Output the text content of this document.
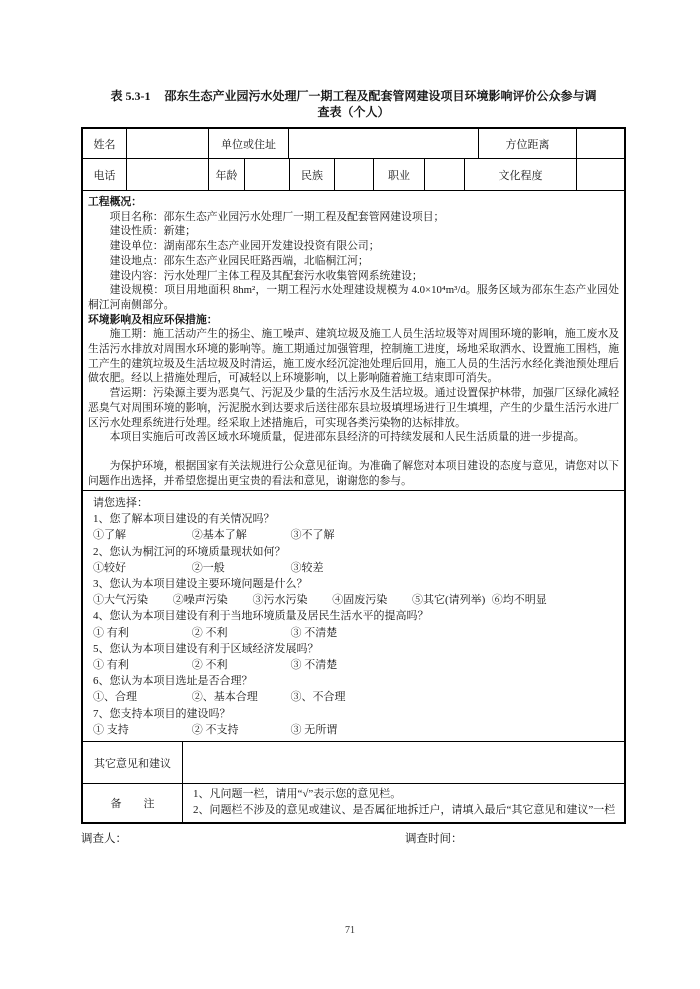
表 5.3-1 邵东生态产业园污水处理厂一期工程及配套管网建设项目环境影响评价公众参与调
查表（个人）
姓名	单位或住址	方位距离
电话	年龄	民族	职业	文化程度
工程概况：
项目名称：邵东生态产业园污水处理厂一期工程及配套管网建设项目；
建设性质：新建；
建设单位：湖南邵东生态产业园开发建设投资有限公司；
建设地点：邵东生态产业园民旺路西端，北临桐江河；
建设内容：污水处理厂主体工程及其配套污水收集管网系统建设；
建设规模：项目用地面积 8hm²，一期工程污水处理建设规模为 4.0×10⁴m³/d。服务区域为邵东生态产业园处桐江河南侧部分。
环境影响及相应环保措施：
施工期：施工活动产生的扬尘、施工噪声、建筑垃圾及施工人员生活垃圾等对周围环境的影响，施工废水及生活污水排放对周围水环境的影响等。施工期通过加强管理，控制施工进度，场地采取洒水、设置施工围档，施工产生的建筑垃圾及生活垃圾及时清运，施工废水经沉淀池处理后回用，施工人员的生活污水经化粪池预处理后做农肥。经以上措施处理后，可减轻以上环境影响，以上影响随着施工结束即可消失。
营运期：污染源主要为恶臭气、污泥及少量的生活污水及生活垃圾。通过设置保护林带，加强厂区绿化减轻恶臭气对周围环境的影响，污泥脱水到达要求后送往邵东县垃圾填埋场进行卫生填埋，产生的少量生活污水进厂区污水处理系统进行处理。经采取上述措施后，可实现各类污染物的达标排放。
本项目实施后可改善区域水环境质量，促进邵东县经济的可持续发展和人民生活质量的进一步提高。
为保护环境，根据国家有关法规进行公众意见征询。为准确了解您对本项目建设的态度与意见，请您对以下问题作出选择，并希望您提出更宝贵的看法和意见，谢谢您的参与。
请您选择：
1、您了解本项目建设的有关情况吗？
①了解	②基本了解	③不了解
2、您认为桐江河的环境质量现状如何？
①较好	②一般	③较差
3、您认为本项目建设主要环境问题是什么？
①大气污染 ②噪声污染 ③污水污染 ④固废污染 ⑤其它(请列举) ⑥均不明显
4、您认为本项目建设有利于当地环境质量及居民生活水平的提高吗？
① 有利	② 不利	③ 不清楚
5、您认为本项目建设有利于区域经济发展吗？
① 有利	② 不利	③ 不清楚
6、您认为本项目选址是否合理？
①、合理	②、基本合理	③、不合理
7、您支持本项目的建设吗？
① 支持	② 不支持	③ 无所谓
其它意见和建议
备　　注
1、凡问题一栏，请用“√”表示您的意见栏。
2、问题栏不涉及的意见或建议、是否属征地拆迁户，请填入最后“其它意见和建议”一栏
调查人：	调查时间：
71
